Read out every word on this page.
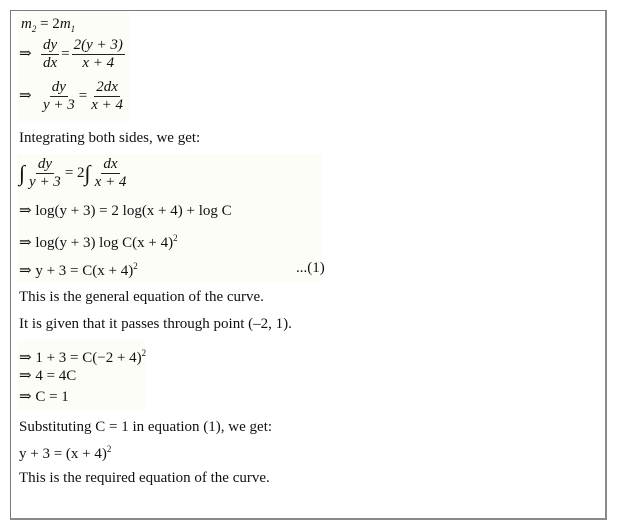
$m_2 = 2m_1$
⇒ $\frac{dy}{dx} = \frac{2(y + 3)}{x + 4}$
⇒ $\frac{dy}{y + 3} = \frac{2dx}{x + 4}$
Integrating both sides, we get:
∫ $\frac{dy}{y + 3} = 2\int \frac{dx}{x + 4}$
⇒ log(y + 3) = 2 log(x + 4) + log C
⇒ log(y + 3) $\log C(x + 4)^2$
⇒ $y + 3 = C(x + 4)^2$	...(1)
This is the general equation of the curve.
It is given that it passes through point (–2, 1).
⇒ $1 + 3 = C(-2 + 4)^2$
⇒ 4 = 4C
⇒ C = 1
Substituting C = 1 in equation (1), we get:
$y + 3 = (x + 4)^2$
This is the required equation of the curve.
